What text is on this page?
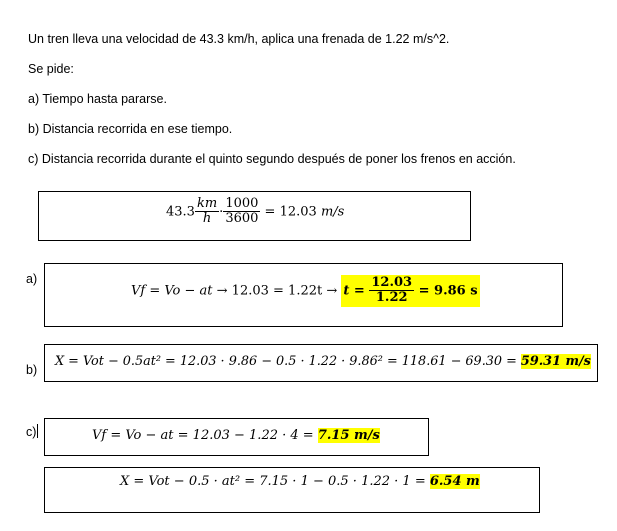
Un tren lleva una velocidad de 43.3 km/h, aplica una frenada de 1.22 m/s^2.
Se pide:
a) Tiempo hasta pararse.
b) Distancia recorrida en ese tiempo.
c) Distancia recorrida durante el quinto segundo después de poner los frenos en acción.
$43.3 \frac{km}{h} \cdot \frac{1000}{3600} = 12.03$ m/s
a)
Vf = Vo − at → $12.03 = 1.22t \to t = \frac{12.03}{1.22} = 9.86$ s
b)
X = Vot − 0.5at² = 12.03 · 9.86 − 0.5 · 1.22 · 9.86² = 118.61 − 69.30 = 59.31 m/s
c)	Vf = Vo − at = 12.03 − 1.22 · 4 = 7.15 m/s
X = Vot − 0.5 · at² = 7.15 · 1 − 0.5 · 1.22 · 1 = 6.54 m
